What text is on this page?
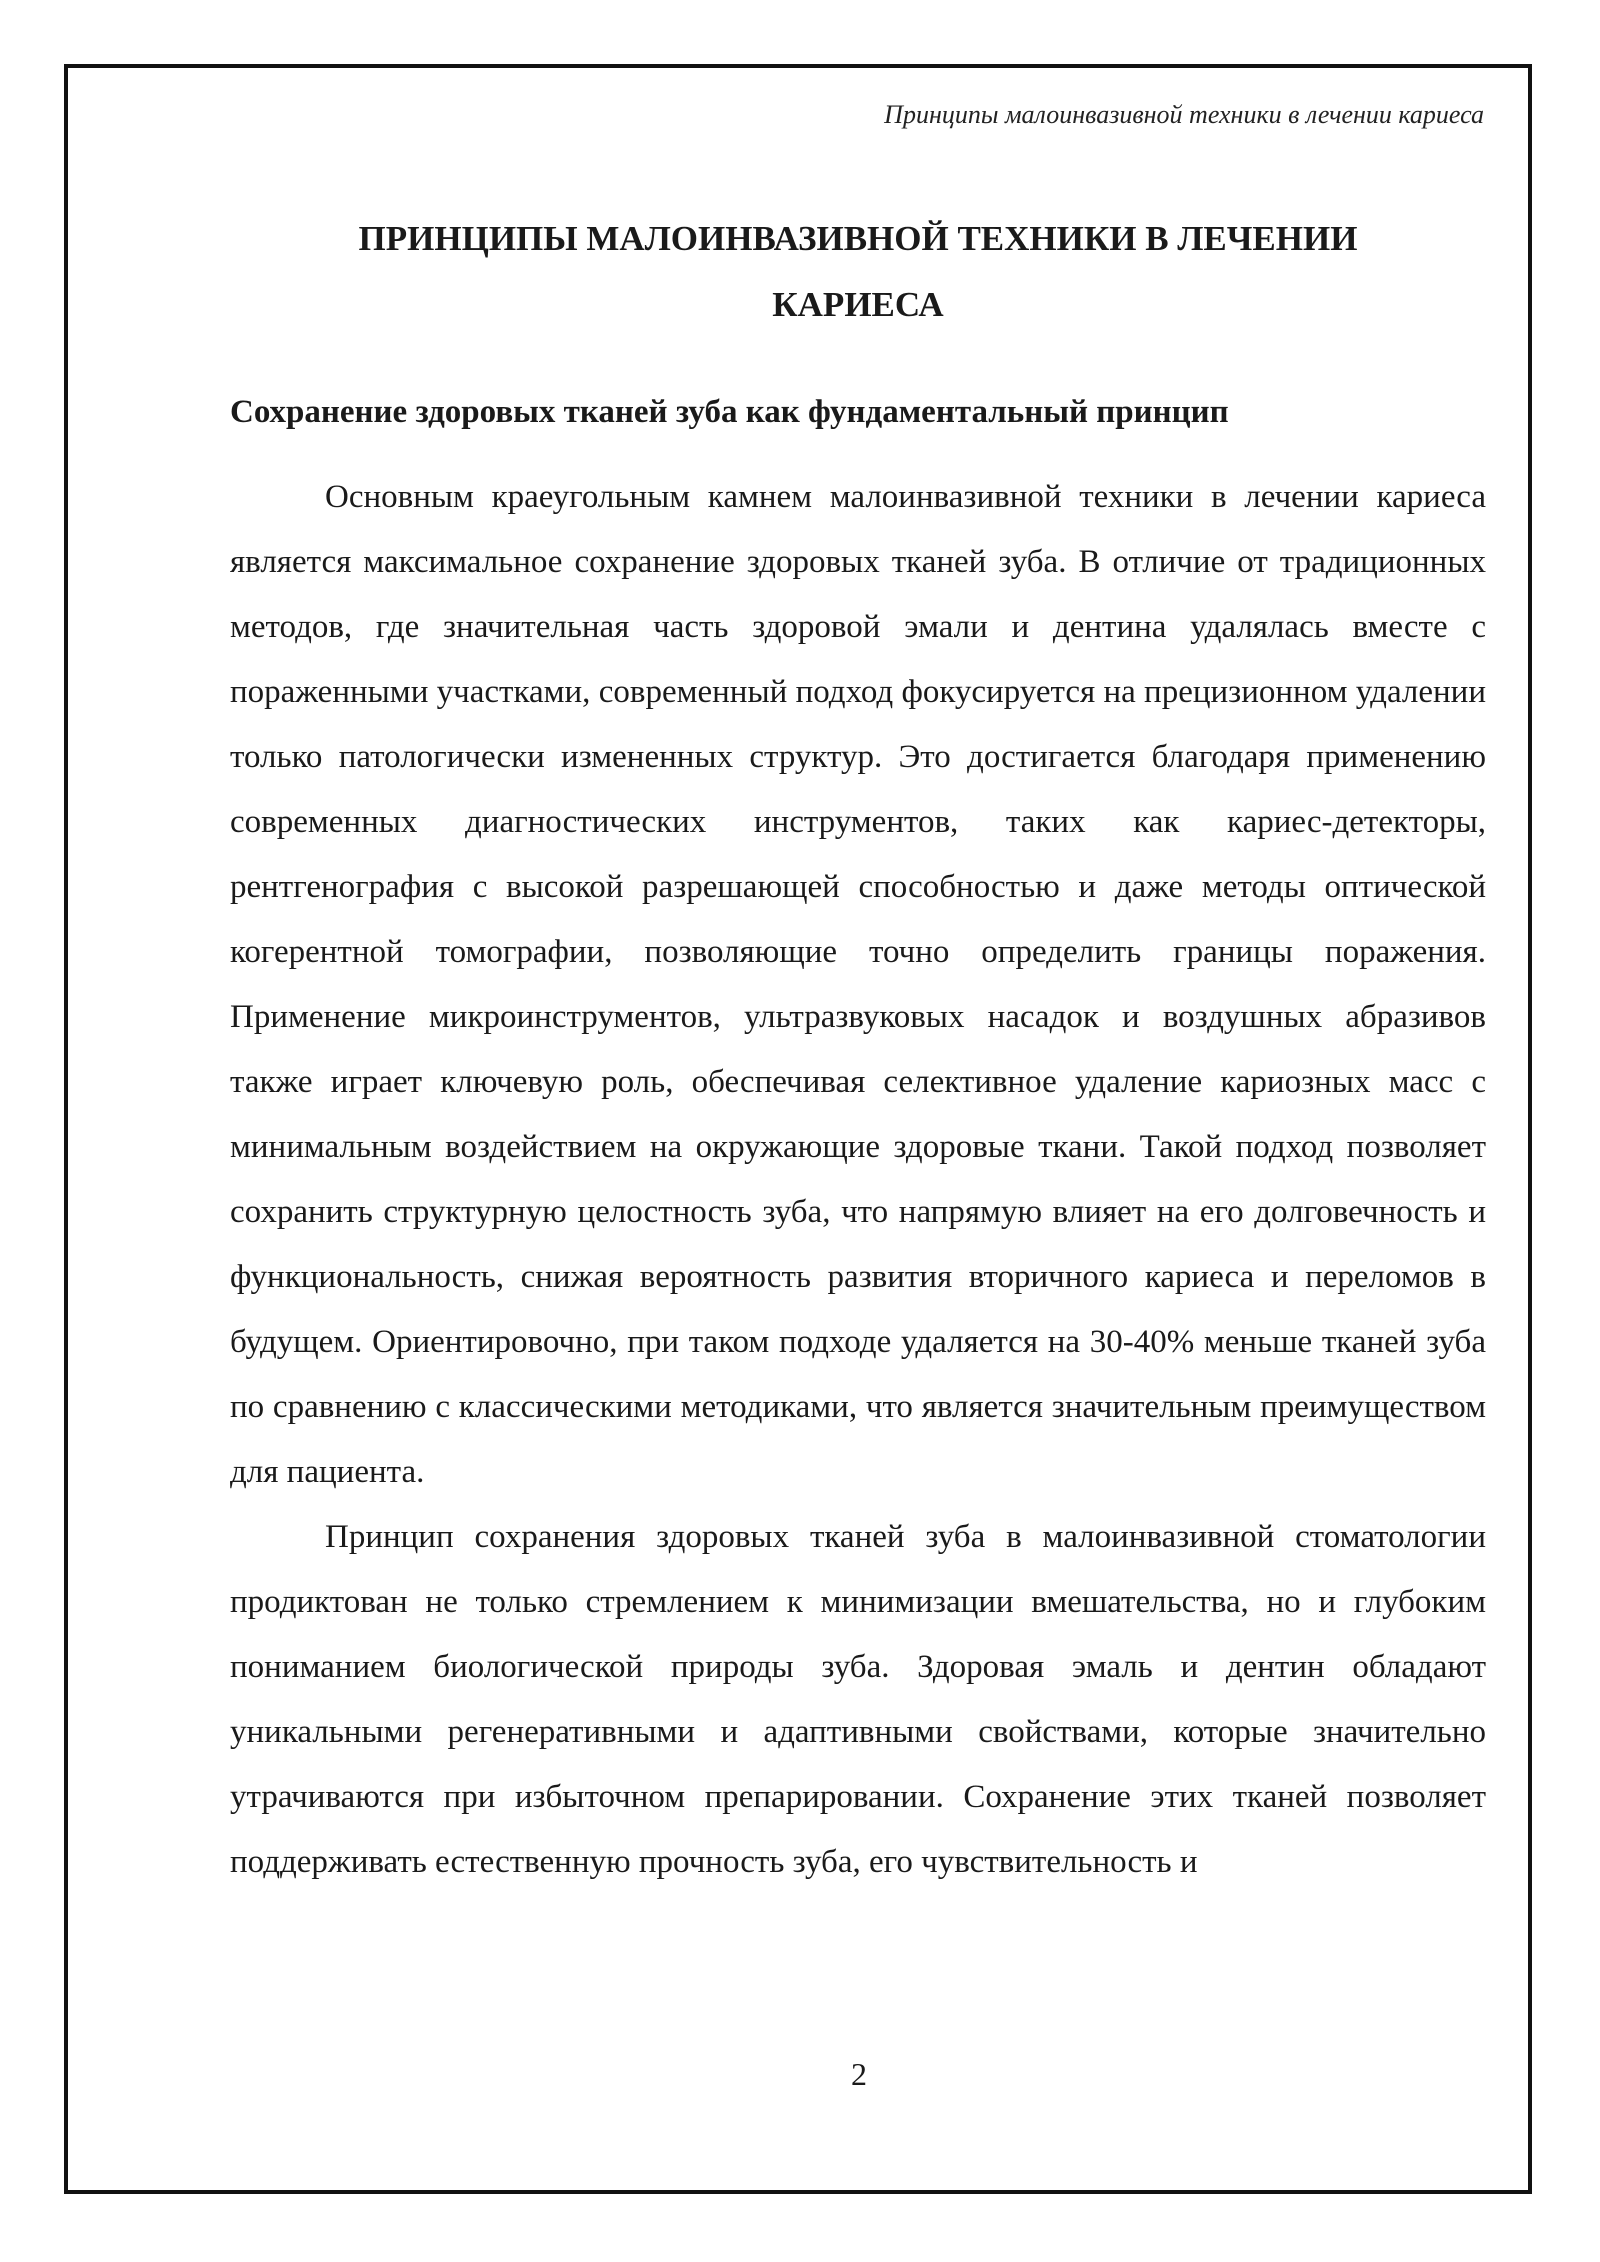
Принципы малоинвазивной техники в лечении кариеса
ПРИНЦИПЫ МАЛОИНВАЗИВНОЙ ТЕХНИКИ В ЛЕЧЕНИИ
КАРИЕСА
Сохранение здоровых тканей зуба как фундаментальный принцип

Основным краеугольным камнем малоинвазивной техники в лечении кариеса является максимальное сохранение здоровых тканей зуба. В отличие от традиционных методов, где значительная часть здоровой эмали и дентина удалялась вместе с пораженными участками, современный подход фокусируется на прецизионном удалении только патологически измененных структур. Это достигается благодаря применению современных диагностических инструментов, таких как кариес-детекторы, рентгенография с высокой разрешающей способностью и даже методы оптической когерентной томографии, позволяющие точно определить границы поражения. Применение микроинструментов, ультразвуковых насадок и воздушных абразивов также играет ключевую роль, обеспечивая селективное удаление кариозных масс с минимальным воздействием на окружающие здоровые ткани. Такой подход позволяет сохранить структурную целостность зуба, что напрямую влияет на его долговечность и функциональность, снижая вероятность развития вторичного кариеса и переломов в будущем. Ориентировочно, при таком подходе удаляется на 30-40% меньше тканей зуба по сравнению с классическими методиками, что является значительным преимуществом для пациента.

Принцип сохранения здоровых тканей зуба в малоинвазивной стоматологии продиктован не только стремлением к минимизации вмешательства, но и глубоким пониманием биологической природы зуба. Здоровая эмаль и дентин обладают уникальными регенеративными и адаптивными свойствами, которые значительно утрачиваются при избыточном препарировании. Сохранение этих тканей позволяет поддерживать естественную прочность зуба, его чувствительность и

2
